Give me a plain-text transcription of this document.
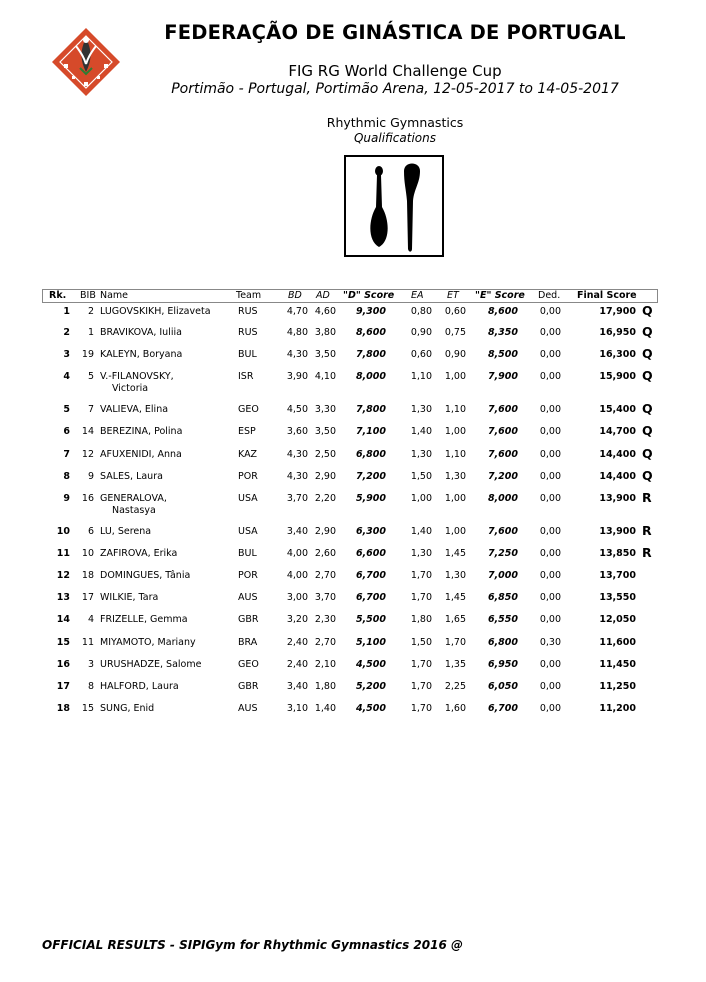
FEDERAÇÃO DE GINÁSTICA DE PORTUGAL
FIG RG World Challenge Cup
Portimão - Portugal, Portimão Arena, 12-05-2017 to 14-05-2017
Rhythmic Gymnastics
Qualifications
Rk. BIB Name	Team	BD AD "D" Score EA ET "E" Score Ded. Final Score
1	2 LUGOVSKIKH, Elizaveta	RUS	4,70 4,60	9,300	0,80 0,60	8,600 0,00	17,900 Q
2	1 BRAVIKOVA, Iuliia	RUS	4,80 3,80	8,600	0,90 0,75	8,350 0,00	16,950 Q
3	19 KALEYN, Boryana	BUL	4,30 3,50	7,800	0,60 0,90	8,500 0,00	16,300 Q
4	5 V.-FILANOVSKY,
Victoria
ISR	3,90 4,10	8,000	1,10 1,00	7,900 0,00	15,900 Q
5	7 VALIEVA, Elina	GEO	4,50 3,30	7,800	1,30 1,10	7,600 0,00	15,400 Q
6	14 BEREZINA, Polina	ESP	3,60 3,50	7,100	1,40 1,00	7,600 0,00	14,700 Q
7	12 AFUXENIDI, Anna	KAZ	4,30 2,50	6,800	1,30 1,10	7,600 0,00	14,400 Q
8	9 SALES, Laura	POR	4,30 2,90	7,200	1,50 1,30	7,200 0,00	14,400 Q
9	16 GENERALOVA,
Nastasya
USA	3,70 2,20	5,900	1,00 1,00	8,000 0,00	13,900 R
10	6 LU, Serena	USA	3,40 2,90	6,300	1,40 1,00	7,600 0,00	13,900 R
11	10 ZAFIROVA, Erika	BUL	4,00 2,60	6,600	1,30 1,45	7,250 0,00	13,850 R
12	18 DOMINGUES, Tânia	POR	4,00 2,70	6,700	1,70 1,30	7,000 0,00	13,700
13	17 WILKIE, Tara	AUS	3,00 3,70	6,700	1,70 1,45	6,850 0,00	13,550
14	4 FRIZELLE, Gemma	GBR	3,20 2,30	5,500	1,80 1,65	6,550 0,00	12,050
15	11 MIYAMOTO, Mariany	BRA	2,40 2,70	5,100	1,50 1,70	6,800 0,30	11,600
16	3 URUSHADZE, Salome	GEO	2,40 2,10	4,500	1,70 1,35	6,950 0,00	11,450
17	8 HALFORD, Laura	GBR	3,40 1,80	5,200	1,70 2,25	6,050 0,00	11,250
18	15 SUNG, Enid	AUS	3,10 1,40	4,500	1,70 1,60	6,700 0,00	11,200
OFFICIAL RESULTS - SIPIGym for Rhythmic Gymnastics 2016 @
